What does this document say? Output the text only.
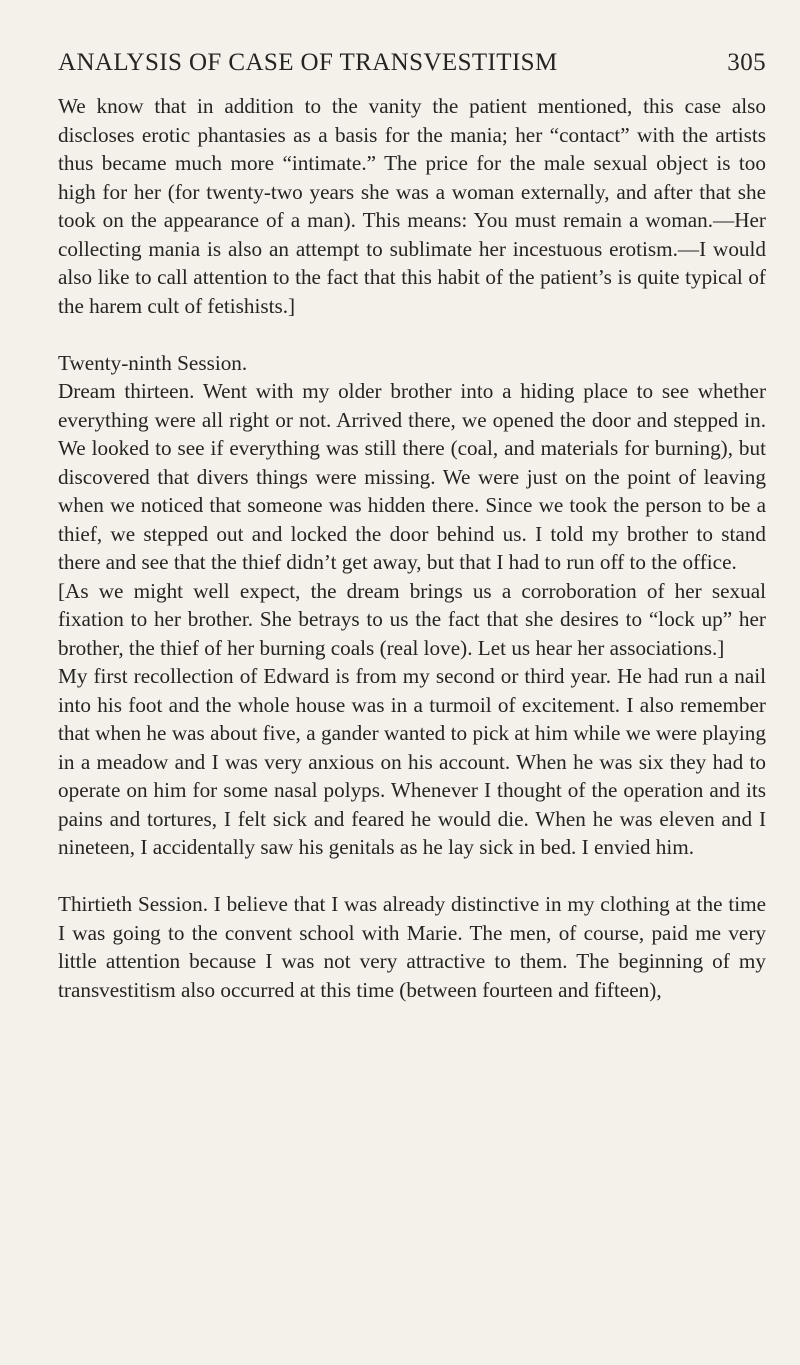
ANALYSIS OF CASE OF TRANSVESTITISM	305

We know that in addition to the vanity the patient mentioned, this case also discloses erotic phantasies as a basis for the mania; her “contact” with the artists thus became much more “intimate.” The price for the male sexual object is too high for her (for twenty-two years she was a woman externally, and after that she took on the appearance of a man). This means: You must remain a woman.—Her collecting mania is also an attempt to sublimate her incestuous erotism.—I would also like to call attention to the fact that this habit of the patient’s is quite typical of the harem cult of fetishists.]

Twenty-ninth Session.

Dream thirteen. Went with my older brother into a hiding place to see whether everything were all right or not. Arrived there, we opened the door and stepped in. We looked to see if everything was still there (coal, and materials for burning), but discovered that divers things were missing. We were just on the point of leaving when we noticed that someone was hidden there. Since we took the person to be a thief, we stepped out and locked the door behind us. I told my brother to stand there and see that the thief didn’t get away, but that I had to run off to the office.

[As we might well expect, the dream brings us a corroboration of her sexual fixation to her brother. She betrays to us the fact that she desires to “lock up” her brother, the thief of her burning coals (real love). Let us hear her associations.]

My first recollection of Edward is from my second or third year. He had run a nail into his foot and the whole house was in a turmoil of excitement. I also remember that when he was about five, a gander wanted to pick at him while we were playing in a meadow and I was very anxious on his account. When he was six they had to operate on him for some nasal polyps. Whenever I thought of the operation and its pains and tortures, I felt sick and feared he would die. When he was eleven and I nineteen, I accidentally saw his genitals as he lay sick in bed. I envied him.

Thirtieth Session. I believe that I was already distinctive in my clothing at the time I was going to the convent school with Marie. The men, of course, paid me very little attention because I was not very attractive to them. The beginning of my transvestitism also occurred at this time (between fourteen and fifteen),
